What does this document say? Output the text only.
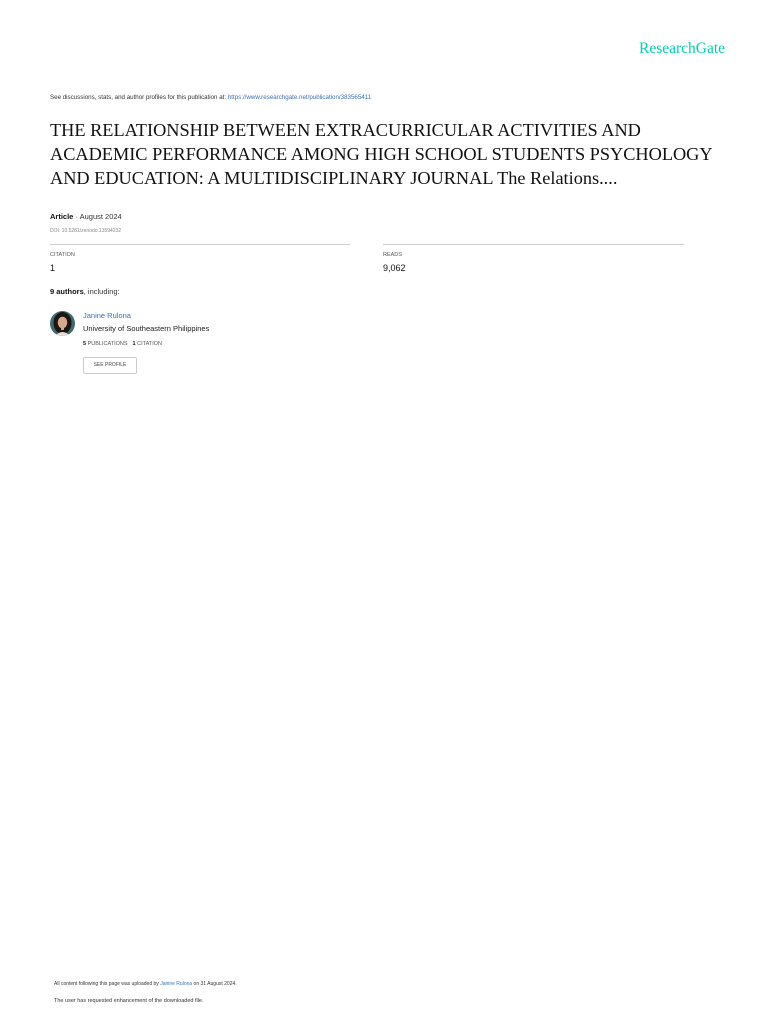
ResearchGate
See discussions, stats, and author profiles for this publication at: https://www.researchgate.net/publication/383565411
THE RELATIONSHIP BETWEEN EXTRACURRICULAR ACTIVITIES AND ACADEMIC PERFORMANCE AMONG HIGH SCHOOL STUDENTS PSYCHOLOGY AND EDUCATION: A MULTIDISCIPLINARY JOURNAL The Relations....
Article · August 2024
DOI: 10.5281/zenodo.13594232
CITATION
1
READS
9,062
9 authors, including:
Janine Rulona
University of Southeastern Philippines
5 PUBLICATIONS 1 CITATION
SEE PROFILE
All content following this page was uploaded by Janine Rulona on 31 August 2024.
The user has requested enhancement of the downloaded file.
